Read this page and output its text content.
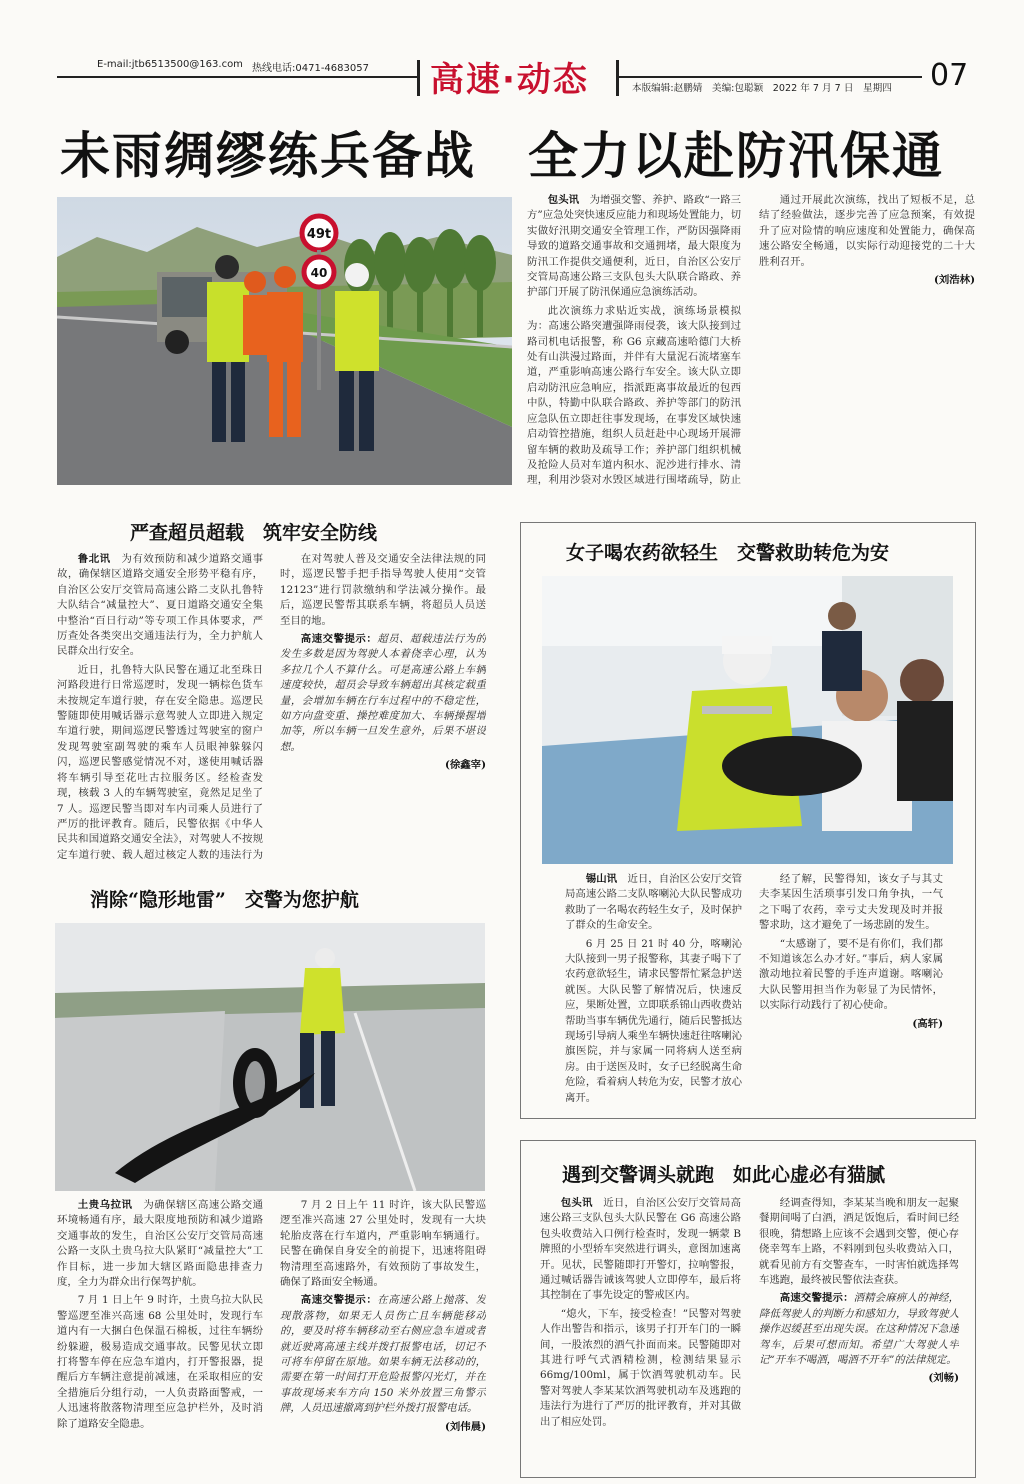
E-mail:jtb6513500@163.com 热线电话:0471-4683057 高速·动态	本版编辑:赵鹏婧　美编:包聪颖　2022 年 7 月 7 日　星期四 07
未雨绸缪练兵备战　全力以赴防汛保通
49t
40

包头讯　 为增强交警、养护、路政“一路三方”应急处突快速反应能力和现场处置能力，切实做好汛期交通安全管理工作，严防因强降雨导致的道路交通事故和交通拥堵，最大限度为防汛工作提供交通便利，近日，自治区公安厅交管局高速公路三支队包头大队联合路政、养护部门开展了防汛保通应急演练活动。

此次演练力求贴近实战，演练场景模拟为：高速公路突遭强降雨侵袭，该大队接到过路司机电话报警，称 G6 京藏高速哈德门大桥处有山洪漫过路面，并伴有大量泥石流堵塞车道，严重影响高速公路行车安全。该大队立即启动防汛应急响应，指派距离事故最近的包西中队，特勤中队联合路政、养护等部门的防汛应急队伍立即赶往事发现场，在事发区域快速启动管控措施，组织人员赶赴中心现场开展滞留车辆的救助及疏导工作；养护部门组织机械及抢险人员对车道内积水、泥沙进行排水、清理，利用沙袋对水毁区域进行围堵疏导，防止

通过开展此次演练，找出了短板不足，总结了经验做法，逐步完善了应急预案，有效提升了应对险情的响应速度和处置能力，确保高速公路安全畅通，以实际行动迎接党的二十大胜利召开。

(刘浩林)
严查超员超载　筑牢安全防线

鲁北讯　 为有效预防和减少道路交通事故，确保辖区道路交通安全形势平稳有序，自治区公安厅交管局高速公路二支队扎鲁特大队结合“减量控大”、夏日道路交通安全集中整治“百日行动”等专项工作具体要求，严厉查处各类突出交通违法行为，全力护航人民群众出行安全。

近日，扎鲁特大队民警在通辽北至珠日河路段进行日常巡逻时，发现一辆棕色货车未按规定车道行驶，存在安全隐患。巡逻民警随即使用喊话器示意驾驶人立即进入规定车道行驶，期间巡逻民警透过驾驶室的窗户发现驾驶室副驾驶的乘车人员眼神躲躲闪闪，巡逻民警感觉情况不对，遂使用喊话器将车辆引导至花吐古拉服务区。经检查发现，核载 3 人的车辆驾驶室，竟然足足坐了 7 人。巡逻民警当即对车内司乘人员进行了严厉的批评教育。随后，民警依据《中华人民共和国道路交通安全法》，对驾驶人不按规定车道行驶、载人超过核定人数的违法行为

在对驾驶人普及交通安全法律法规的同时，巡逻民警手把手指导驾驶人使用“交管 12123”进行罚款缴纳和学法减分操作。最后，巡逻民警帮其联系车辆，将超员人员送至目的地。

高速交警提示：超员、超载违法行为的发生多数是因为驾驶人本着侥幸心理，认为多拉几个人不算什么。可是高速公路上车辆速度较快，超员会导致车辆超出其核定载重量，会增加车辆在行车过程中的不稳定性，如方向盘变重、操控难度加大、车辆操握增加等，所以车辆一旦发生意外，后果不堪设想。

(徐鑫宰)
女子喝农药欲轻生　交警救助转危为安

锡山讯　 近日，自治区公安厅交管局高速公路二支队喀喇沁大队民警成功救助了一名喝农药轻生女子，及时保护了群众的生命安全。

6 月 25 日 21 时 40 分，喀喇沁大队接到一男子报警称，其妻子喝下了农药意欲轻生，请求民警帮忙紧急护送就医。大队民警了解情况后，快速反应，果断处置，立即联系锦山西收费站帮助当事车辆优先通行，随后民警抵达现场引导病人乘坐车辆快速赶往喀喇沁旗医院，并与家属一同将病人送至病房。由于送医及时，女子已经脱离生命危险，看着病人转危为安，民警才放心离开。

经了解，民警得知，该女子与其丈夫李某因生活琐事引发口角争执，一气之下喝了农药，幸亏丈夫发现及时并报警求助，这才避免了一场悲剧的发生。

“太感谢了，要不是有你们，我们都不知道该怎么办才好。”事后，病人家属激动地拉着民警的手连声道谢。喀喇沁大队民警用担当作为彰显了为民情怀，以实际行动践行了初心使命。

(高轩)
消除“隐形地雷”　交警为您护航

土贵乌拉讯　 为确保辖区高速公路交通环境畅通有序，最大限度地预防和减少道路交通事故的发生，自治区公安厅交管局高速公路一支队土贵乌拉大队紧盯“减量控大”工作目标，进一步加大辖区路面隐患排查力度，全力为群众出行保驾护航。

7 月 1 日上午 9 时许，土贵乌拉大队民警巡逻至准兴高速 68 公里处时，发现行车道内有一大捆白色保温石棉板，过往车辆纷纷躲避，极易造成交通事故。民警见状立即打将警车停在应急车道内，打开警报器，提醒后方车辆注意提前减速，在采取相应的安全措施后分组行动，一人负责路面警戒，一人迅速将散落物清理至应急护栏外，及时消除了道路安全隐患。

7 月 2 日上午 11 时许，该大队民警巡逻至准兴高速 27 公里处时，发现有一大块轮胎皮落在行车道内，严重影响车辆通行。民警在确保自身安全的前提下，迅速将阻碍物清理至高速路外，有效预防了事故发生，确保了路面安全畅通。

高速交警提示：在高速公路上抛落、发现散落物，如果无人员伤亡且车辆能移动的，要及时将车辆移动至右侧应急车道或者就近驶离高速主线并拨打报警电话，切记不可将车停留在原地。如果车辆无法移动的，需要在第一时间打开危险报警闪光灯，并在事故现场来车方向 150 米外放置三角警示牌，人员迅速撤离到护栏外拨打报警电话。

(刘伟晨)
遇到交警调头就跑　如此心虚必有猫腻

包头讯　 近日，自治区公安厅交管局高速公路三支队包头大队民警在 G6 高速公路包头收费站入口例行检查时，发现一辆蒙 B 牌照的小型轿车突然进行调头，意图加速离开。见状，民警随即打开警灯，拉响警报，通过喊话器告诫该驾驶人立即停车，最后将其控制在了事先设定的警戒区内。

“熄火，下车，接受检查！”民警对驾驶人作出警告和指示，该男子打开车门的一瞬间，一股浓烈的酒气扑面而来。民警随即对其进行呼气式酒精检测，检测结果显示 66mg/100ml，属于饮酒驾驶机动车。民警对驾驶人李某某饮酒驾驶机动车及逃跑的违法行为进行了严厉的批评教育，并对其做出了相应处罚。

经调查得知，李某某当晚和朋友一起聚餐期间喝了白酒，酒足饭饱后，看时间已经很晚，猜想路上应该不会遇到交警，便心存侥幸驾车上路，不料刚到包头收费站入口，就看见前方有交警查车，一时害怕就选择驾车逃跑，最终被民警依法查获。

高速交警提示：酒精会麻痹人的神经，降低驾驶人的判断力和感知力，导致驾驶人操作迟缓甚至出现失误。在这种情况下急速驾车，后果可想而知。希望广大驾驶人牢记“开车不喝酒，喝酒不开车”的法律规定。

(刘畅)
